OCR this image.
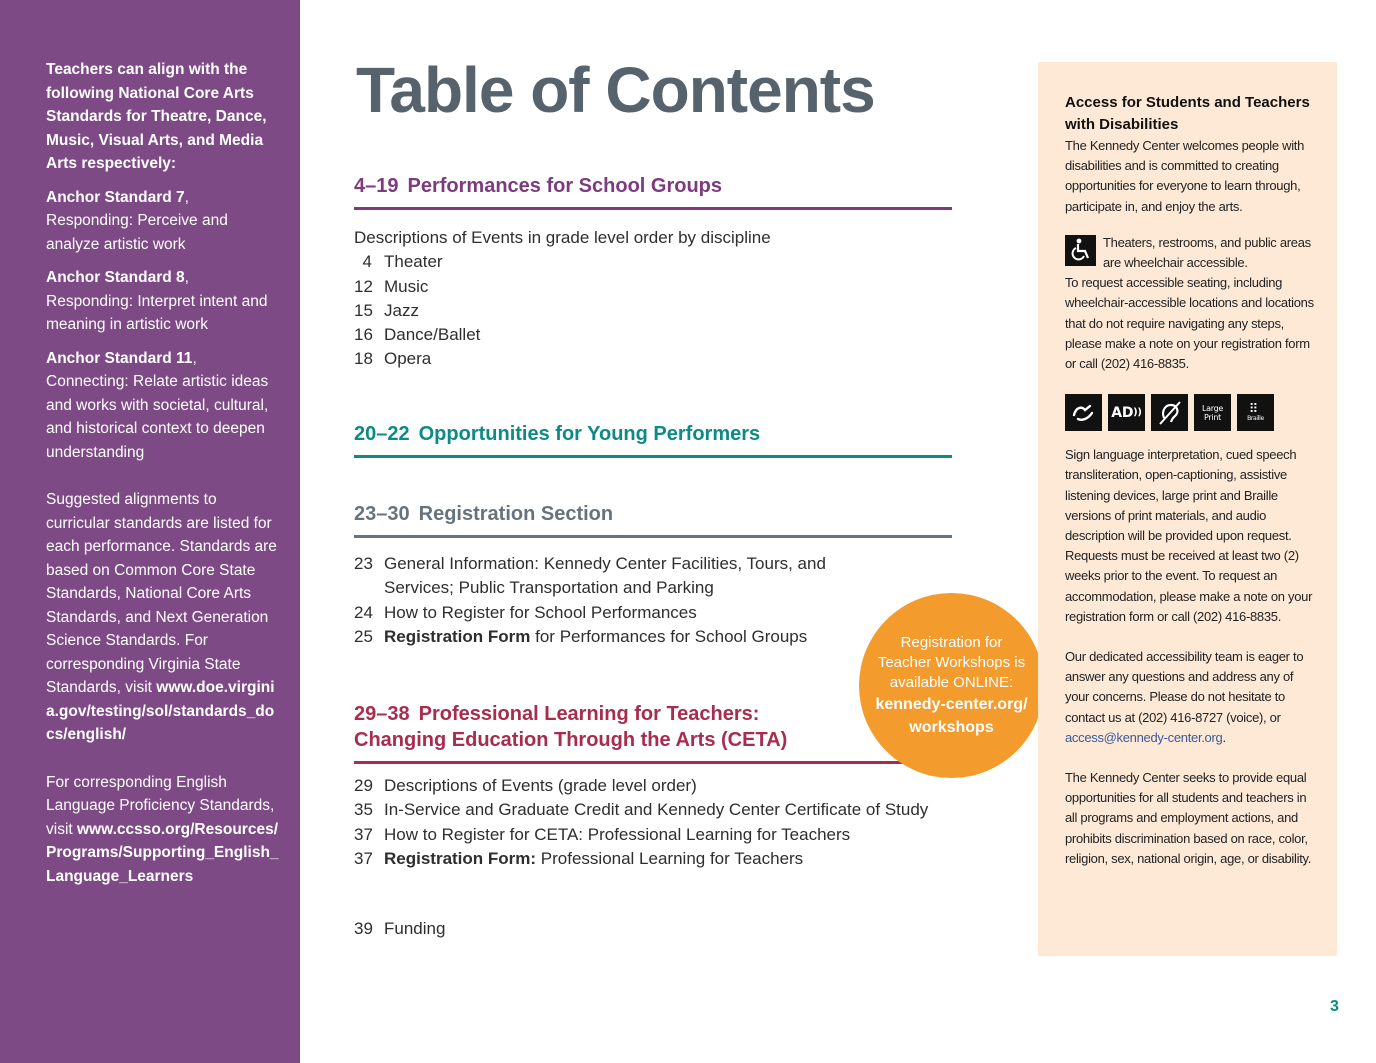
Teachers can align with the following National Core Arts Standards for Theatre, Dance, Music, Visual Arts, and Media Arts respectively:
Anchor Standard 7,
Responding: Perceive and analyze artistic work
Anchor Standard 8,
Responding: Interpret intent and meaning in artistic work
Anchor Standard 11,
Connecting: Relate artistic ideas and works with societal, cultural, and historical context to deepen understanding
Suggested alignments to curricular standards are listed for each performance. Standards are based on Common Core State Standards, National Core Arts Standards, and Next Generation Science Standards. For corresponding Virginia State Standards, visit www.doe.virginia.gov/testing/sol/standards_docs/english/
For corresponding English Language Proficiency Standards, visit www.ccsso.org/Resources/Programs/Supporting_English_Language_Learners
Table of Contents
4–19 Performances for School Groups
Descriptions of Events in grade level order by discipline
4 Theater
12 Music
15 Jazz
16 Dance/Ballet
18 Opera
20–22 Opportunities for Young Performers
23–30 Registration Section
23 General Information: Kennedy Center Facilities, Tours, and Services; Public Transportation and Parking
24 How to Register for School Performances
25 Registration Form for Performances for School Groups
29–38 Professional Learning for Teachers:
Changing Education Through the Arts (CETA)
29 Descriptions of Events (grade level order)
35 In-Service and Graduate Credit and Kennedy Center Certificate of Study
37 How to Register for CETA: Professional Learning for Teachers
37 Registration Form: Professional Learning for Teachers
39 Funding
Registration for Teacher Workshops is available ONLINE:
kennedy-center.org/ workshops
Access for Students and Teachers with Disabilities

The Kennedy Center welcomes people with disabilities and is committed to creating opportunities for everyone to learn through, participate in, and enjoy the arts.

Theaters, restrooms, and public areas are wheelchair accessible.

To request accessible seating, including wheelchair-accessible locations and locations that do not require navigating any steps, please make a note on your registration form or call (202) 416-8835.

AD ))	Large Print
⠿
Braille

Sign language interpretation, cued speech transliteration, open-captioning, assistive listening devices, large print and Braille versions of print materials, and audio description will be provided upon request. Requests must be received at least two (2) weeks prior to the event. To request an accommodation, please make a note on your registration form or call (202) 416-8835.

Our dedicated accessibility team is eager to answer any questions and address any of your concerns. Please do not hesitate to contact us at (202) 416-8727 (voice), or access@kennedy-center.org.

The Kennedy Center seeks to provide equal opportunities for all students and teachers in all programs and employment actions, and prohibits discrimination based on race, color, religion, sex, national origin, age, or disability.

3
